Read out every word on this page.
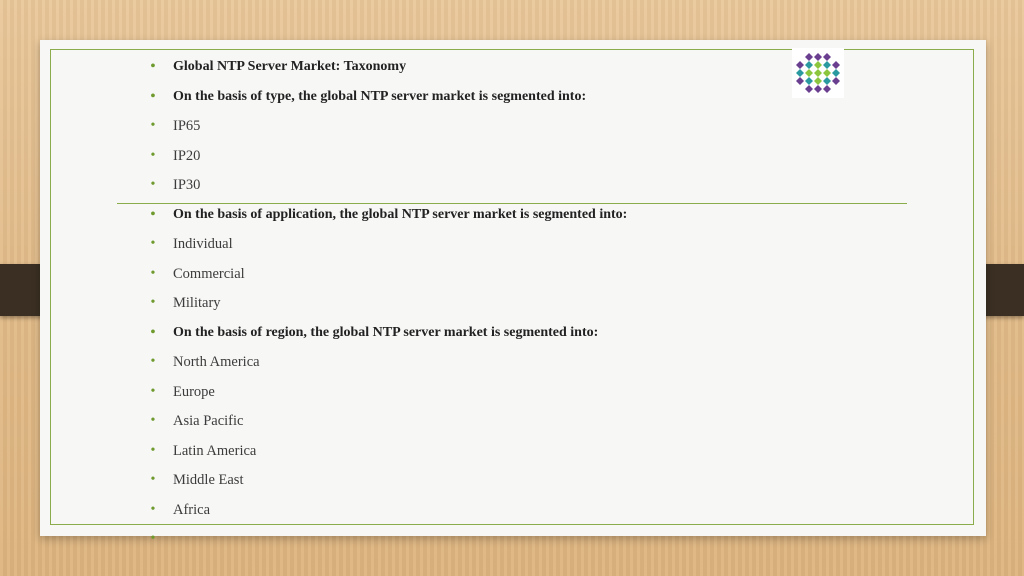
• Global NTP Server Market: Taxonomy
• On the basis of type, the global NTP server market is segmented into:
• IP65
• IP20
• IP30
• On the basis of application, the global NTP server market is segmented into:
• Individual
• Commercial
• Military
• On the basis of region, the global NTP server market is segmented into:
• North America
• Europe
• Asia Pacific
• Latin America
• Middle East
• Africa
•
